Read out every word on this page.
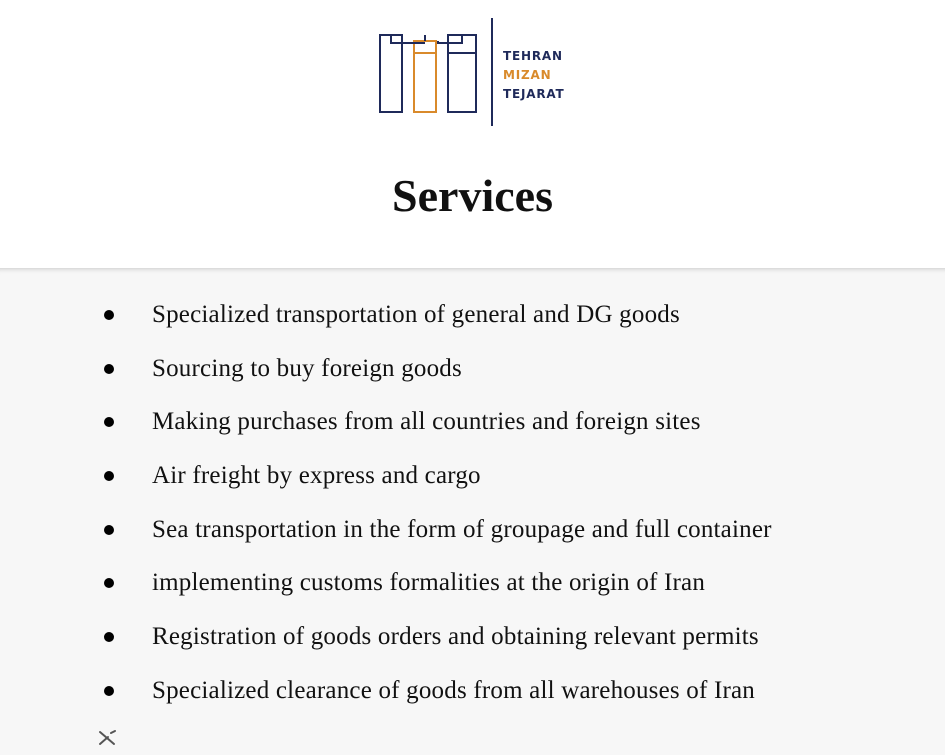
TEHRAN
MIZAN
TEJARAT
Services
Specialized transportation of general and DG goods
Sourcing to buy foreign goods
Making purchases from all countries and foreign sites
Air freight by express and cargo
Sea transportation in the form of groupage and full container
implementing customs formalities at the origin of Iran
Registration of goods orders and obtaining relevant permits
Specialized clearance of goods from all warehouses of Iran
